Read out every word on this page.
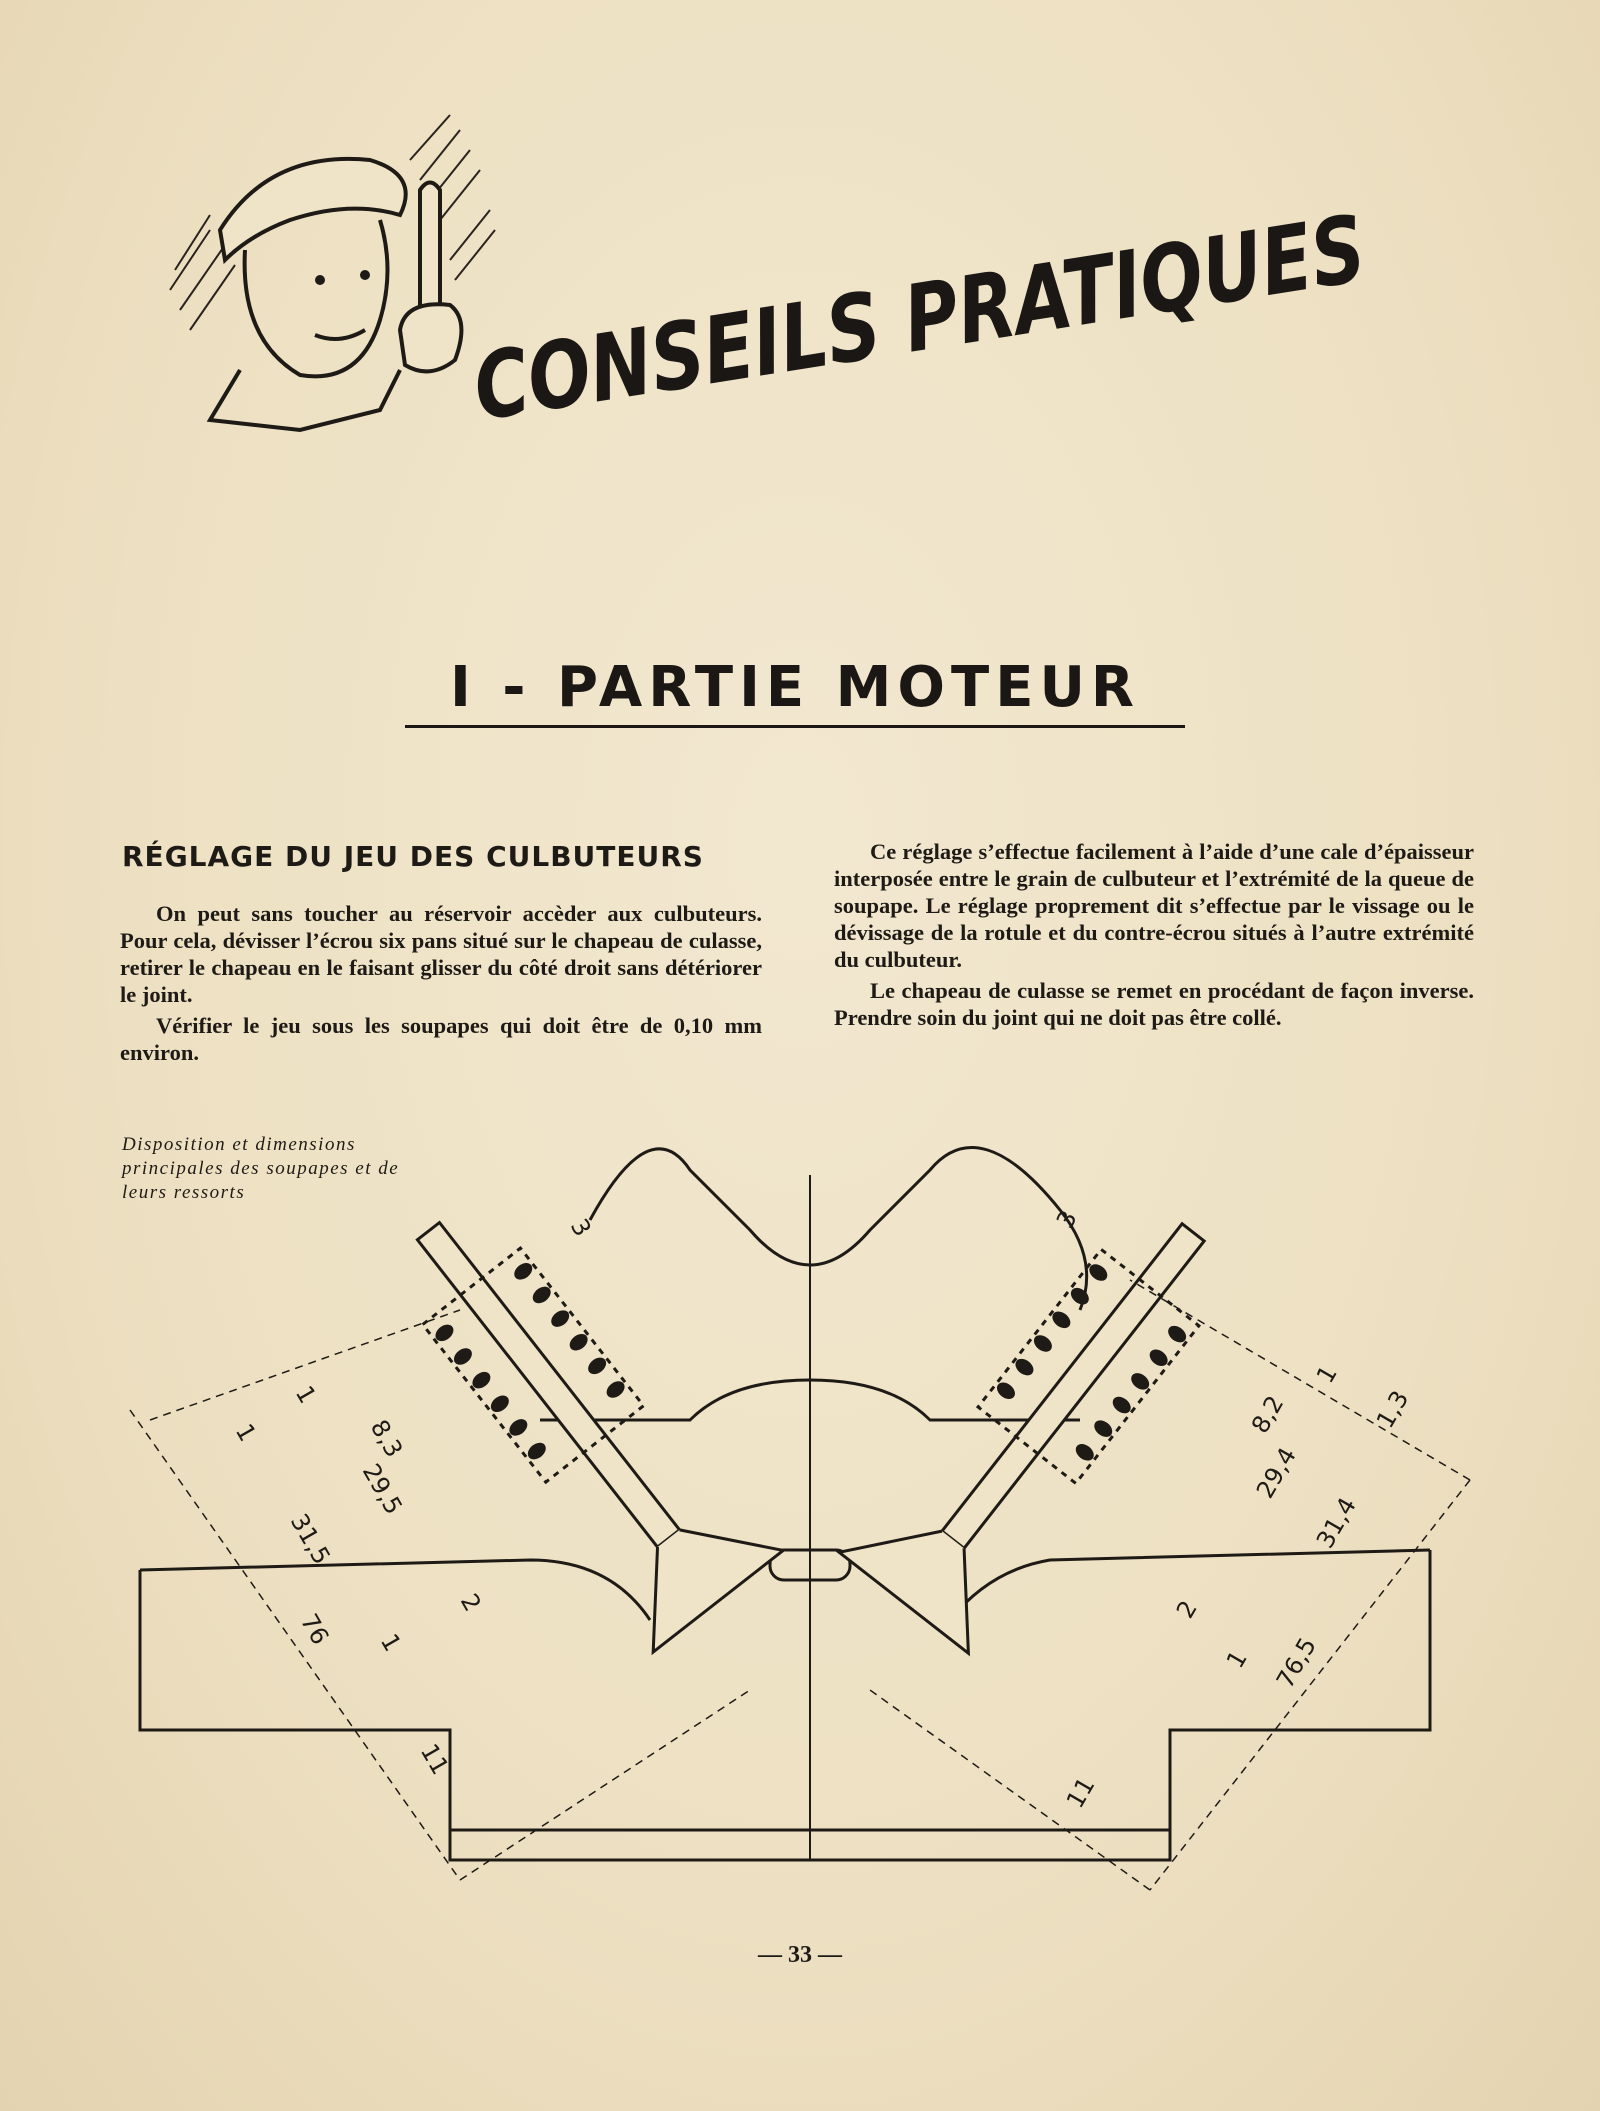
CONSEILS PRATIQUES
I - PARTIE MOTEUR
RÉGLAGE DU JEU DES CULBUTEURS

On peut sans toucher au réservoir accèder aux culbuteurs. Pour cela, dévisser l’écrou six pans situé sur le chapeau de culasse, retirer le chapeau en le faisant glisser du côté droit sans détériorer le joint.

Vérifier le jeu sous les soupapes qui doit être de 0,10 mm environ.

Ce réglage s’effectue facilement à l’aide d’une cale d’épaisseur interposée entre le grain de culbuteur et l’extrémité de la queue de soupape. Le réglage proprement dit s’effectue par le vissage ou le dévissage de la rotule et du contre-écrou situés à l’autre extrémité du culbuteur.

Le chapeau de culasse se remet en procédant de façon inverse. Prendre soin du joint qui ne doit pas être collé.

Disposition et dimensions principales des soupapes et de leurs ressorts
3
1
1	8,3
29,5
31,5
2
1
76
11
3
1
1,3
8,2
29,4
31,4
2
1 76,5
11
— 33 —
